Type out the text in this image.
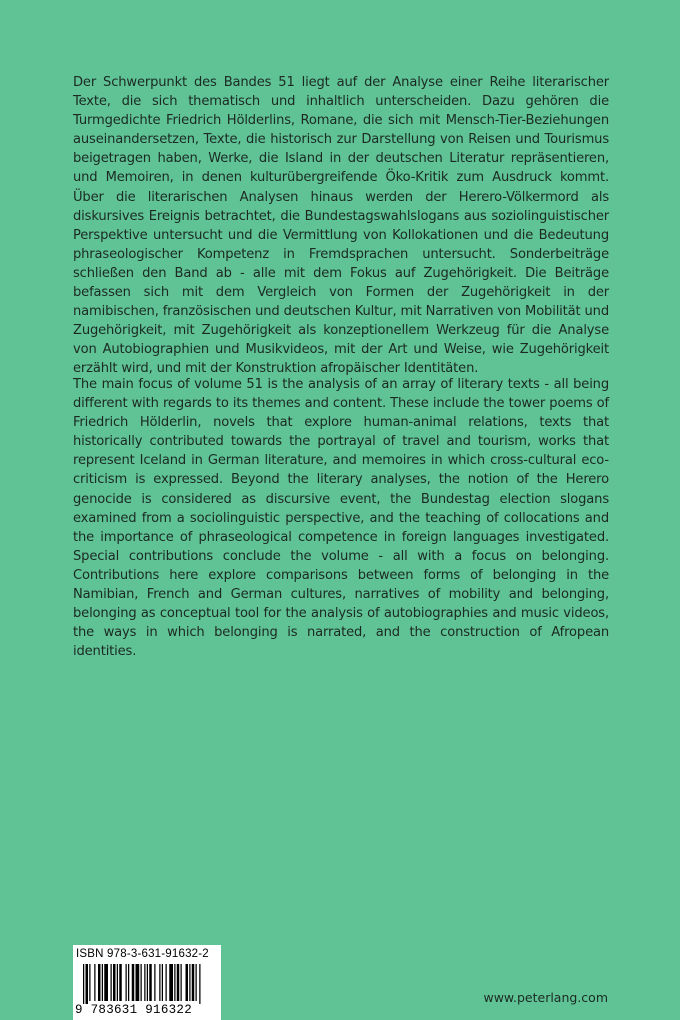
Der Schwerpunkt des Bandes 51 liegt auf der Analyse einer Reihe literarischer Texte, die sich thematisch und inhaltlich unterscheiden. Dazu gehören die Turmgedichte Friedrich Hölderlins, Romane, die sich mit Mensch-Tier-Beziehungen auseinandersetzen, Texte, die historisch zur Darstellung von Reisen und Tourismus beigetragen haben, Werke, die Island in der deutschen Literatur repräsentieren, und Memoiren, in denen kulturübergreifende Öko-Kritik zum Ausdruck kommt. Über die literarischen Analysen hinaus werden der Herero-Völkermord als diskursives Ereignis betrachtet, die Bundestagswahlslogans aus soziolinguistischer Perspektive untersucht und die Vermittlung von Kollokationen und die Bedeutung phraseologischer Kompetenz in Fremdsprachen untersucht. Sonderbeiträge schließen den Band ab - alle mit dem Fokus auf Zugehörigkeit. Die Beiträge befassen sich mit dem Vergleich von Formen der Zugehörigkeit in der namibischen, französischen und deutschen Kultur, mit Narrativen von Mobilität und Zugehörigkeit, mit Zugehörigkeit als konzeptionellem Werkzeug für die Analyse von Autobiographien und Musikvideos, mit der Art und Weise, wie Zugehörigkeit erzählt wird, und mit der Konstruktion afropäischer Identitäten.

The main focus of volume 51 is the analysis of an array of literary texts - all being different with regards to its themes and content. These include the tower poems of Friedrich Hölderlin, novels that explore human-animal relations, texts that historically contributed towards the portrayal of travel and tourism, works that represent Iceland in German literature, and memoires in which cross-cultural eco-criticism is expressed. Beyond the literary analyses, the notion of the Herero genocide is considered as discursive event, the Bundestag election slogans examined from a sociolinguistic perspective, and the teaching of collocations and the importance of phraseological competence in foreign languages investigated. Special contributions conclude the volume - all with a focus on belonging. Contributions here explore comparisons between forms of belonging in the Namibian, French and German cultures, narratives of mobility and belonging, belonging as conceptual tool for the analysis of autobiographies and music videos, the ways in which belonging is narrated, and the construction of Afropean identities.

ISBN 978-3-631-91632-2
9 783631 916322
www.peterlang.com
